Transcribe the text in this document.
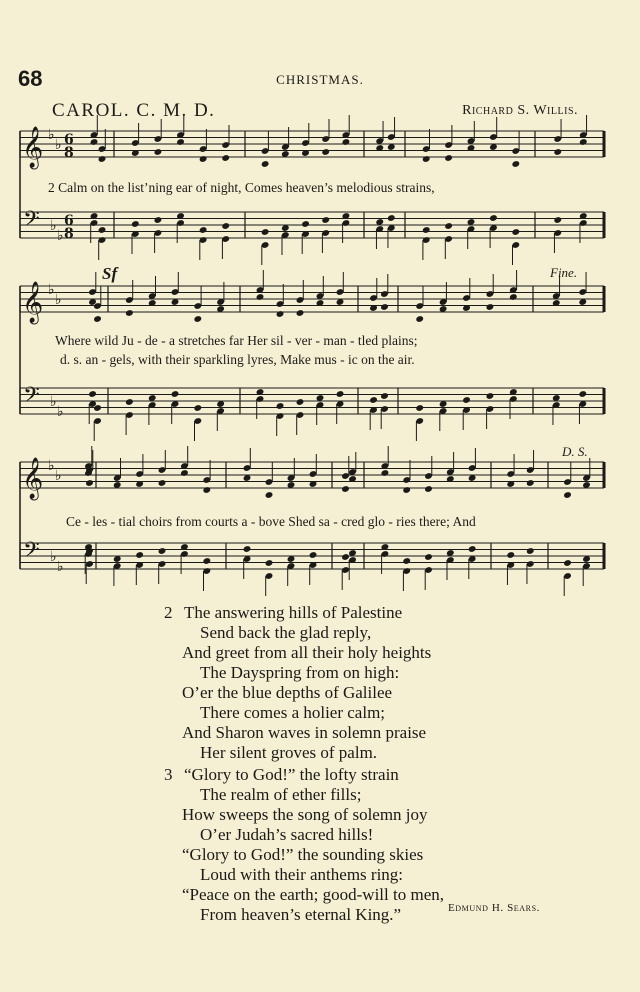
68	CHRISTMAS.
CAROL. C. M. D.	Richard S. Willis.
𝄞 ♭
♭ 6
8
𝄢 ♭
♭
6
8
𝄞 ♭
♭
𝄢 ♭
♭
𝄞 ♭
♭
𝄢 ♭
♭
2 Calm on the list’ning ear of night, Comes heaven’s melodious strains,
Where wild Ju - de - a stretches far Her sil - ver - man - tled plains;
d. s. an - gels, with their sparkling lyres, Make mus - ic on the air.
Ce - les - tial choirs from courts a - bove Shed sa - cred glo - ries there; And
Sf	Fine.
D. S.
2 The answering hills of Palestine
Send back the glad reply,
And greet from all their holy heights
The Dayspring from on high:
O’er the blue depths of Galilee
There comes a holier calm;
And Sharon waves in solemn praise
Her silent groves of palm.
3 “Glory to God!” the lofty strain
The realm of ether fills;
How sweeps the song of solemn joy
O’er Judah’s sacred hills!
“Glory to God!” the sounding skies
Loud with their anthems ring:
“Peace on the earth; good-will to men,
From heaven’s eternal King.”	Edmund H. Sears.
